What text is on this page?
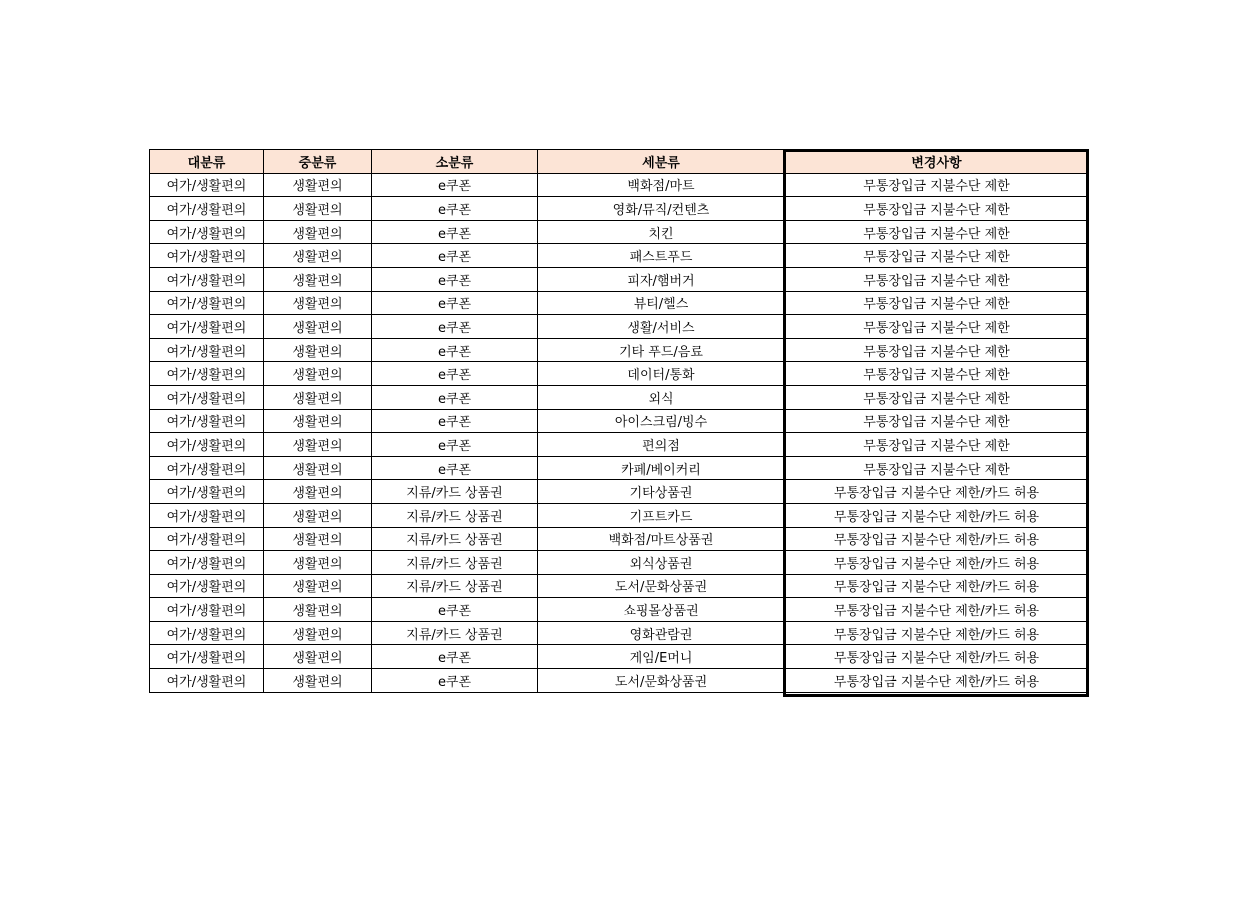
대분류	중분류	소분류	세분류	변경사항
여가/생활편의	생활편의	e쿠폰	백화점/마트	무통장입금 지불수단 제한
여가/생활편의	생활편의	e쿠폰	영화/뮤직/컨텐츠	무통장입금 지불수단 제한
여가/생활편의	생활편의	e쿠폰	치킨	무통장입금 지불수단 제한
여가/생활편의	생활편의	e쿠폰	패스트푸드	무통장입금 지불수단 제한
여가/생활편의	생활편의	e쿠폰	피자/햄버거	무통장입금 지불수단 제한
여가/생활편의	생활편의	e쿠폰	뷰티/헬스	무통장입금 지불수단 제한
여가/생활편의	생활편의	e쿠폰	생활/서비스	무통장입금 지불수단 제한
여가/생활편의	생활편의	e쿠폰	기타 푸드/음료	무통장입금 지불수단 제한
여가/생활편의	생활편의	e쿠폰	데이터/통화	무통장입금 지불수단 제한
여가/생활편의	생활편의	e쿠폰	외식	무통장입금 지불수단 제한
여가/생활편의	생활편의	e쿠폰	아이스크림/빙수	무통장입금 지불수단 제한
여가/생활편의	생활편의	e쿠폰	편의점	무통장입금 지불수단 제한
여가/생활편의	생활편의	e쿠폰	카페/베이커리	무통장입금 지불수단 제한
여가/생활편의	생활편의	지류/카드 상품권	기타상품권	무통장입금 지불수단 제한/카드 허용
여가/생활편의	생활편의	지류/카드 상품권	기프트카드	무통장입금 지불수단 제한/카드 허용
여가/생활편의	생활편의	지류/카드 상품권	백화점/마트상품권	무통장입금 지불수단 제한/카드 허용
여가/생활편의	생활편의	지류/카드 상품권	외식상품권	무통장입금 지불수단 제한/카드 허용
여가/생활편의	생활편의	지류/카드 상품권	도서/문화상품권	무통장입금 지불수단 제한/카드 허용
여가/생활편의	생활편의	e쿠폰	쇼핑몰상품권	무통장입금 지불수단 제한/카드 허용
여가/생활편의	생활편의	지류/카드 상품권	영화관람권	무통장입금 지불수단 제한/카드 허용
여가/생활편의	생활편의	e쿠폰	게임/E머니	무통장입금 지불수단 제한/카드 허용
여가/생활편의	생활편의	e쿠폰	도서/문화상품권	무통장입금 지불수단 제한/카드 허용
